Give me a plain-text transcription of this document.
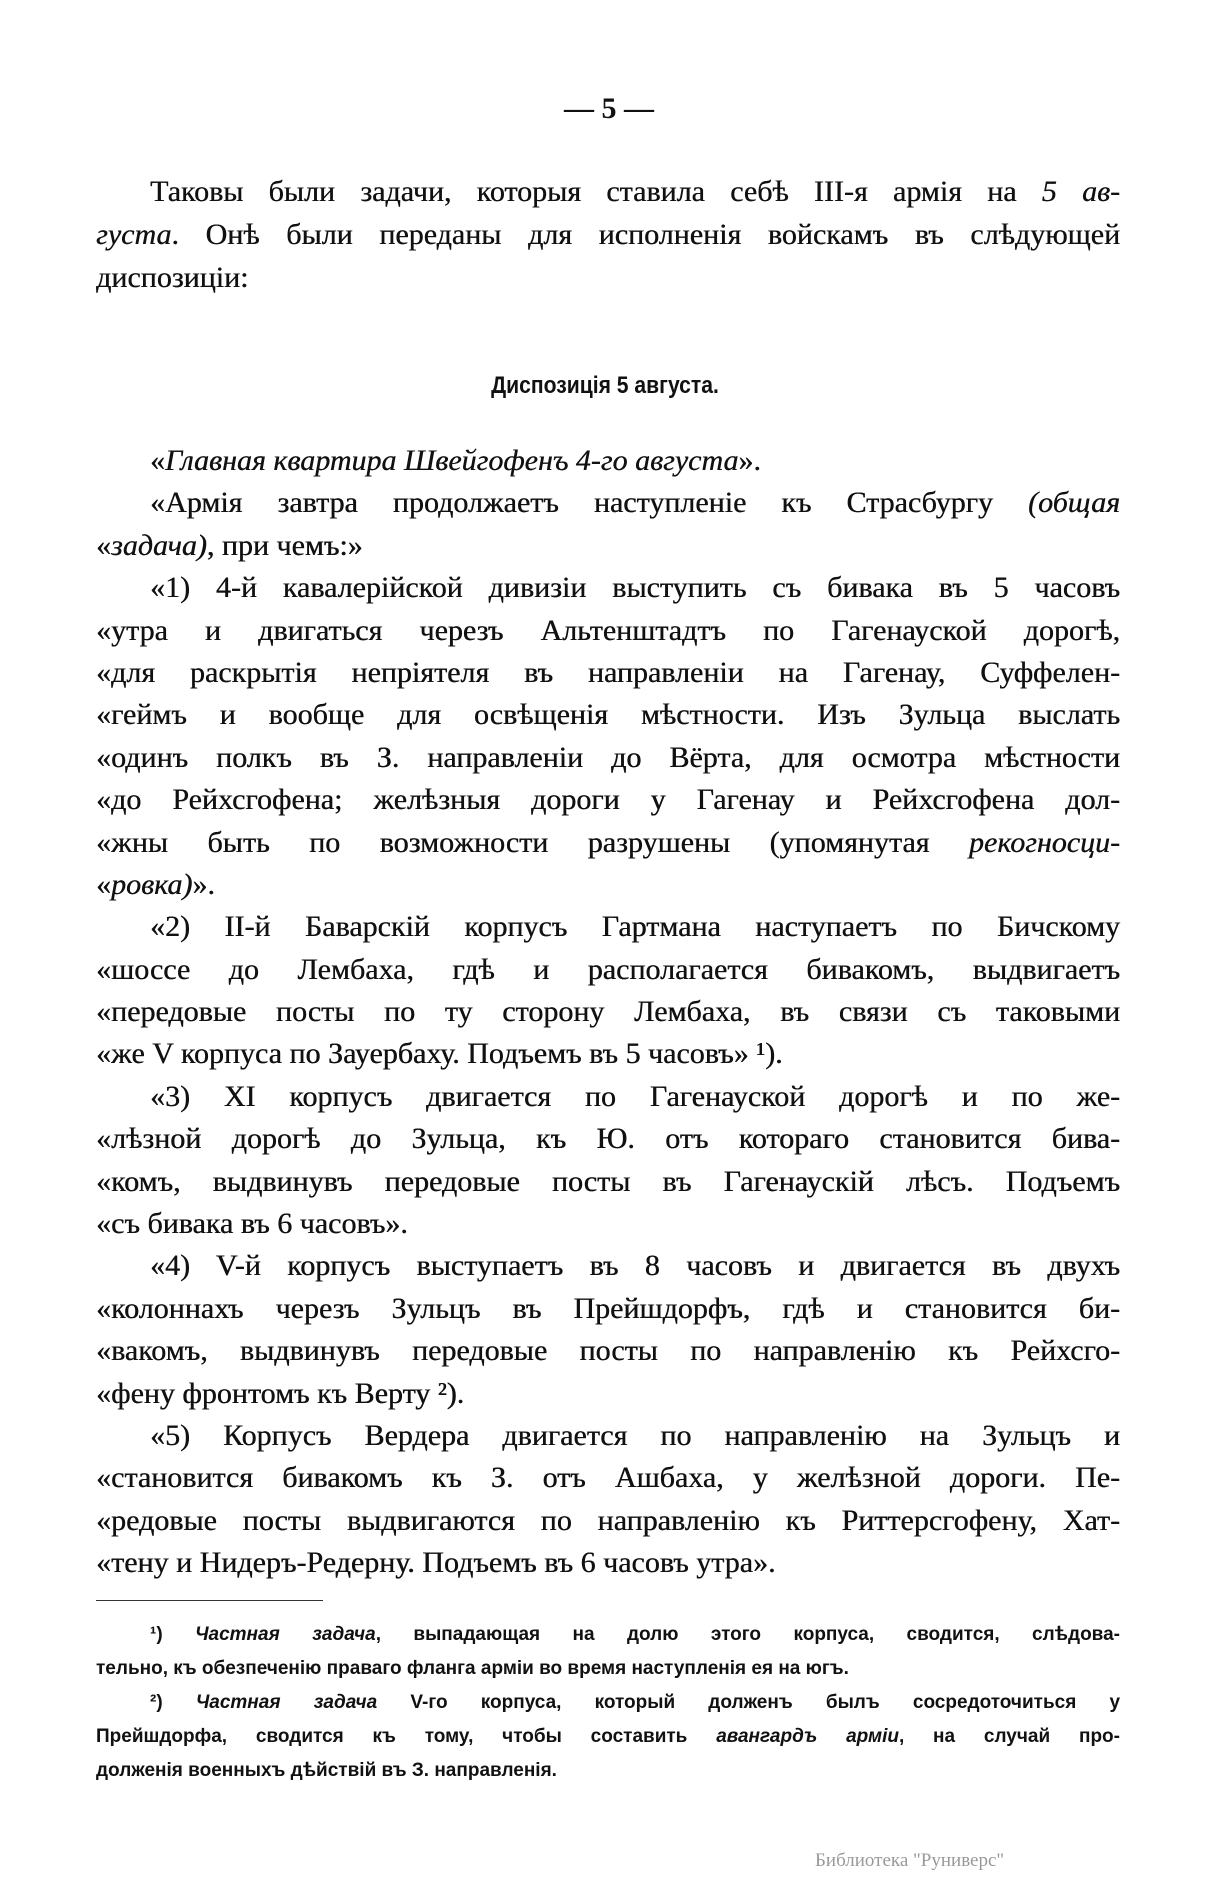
— 5 —
Таковы были задачи, которыя ставила себѣ III-я армія на 5 ав-
густа. Онѣ были переданы для исполненія войскамъ въ слѣдующей
диспозиціи:
Диспозиція 5 августа.
«Главная квартира Швейгофенъ 4-го августа».
«Армія завтра продолжаетъ наступленіе къ Страсбургу (общая
«задача), при чемъ:»
«1) 4-й кавалерійской дивизіи выступить съ бивака въ 5 часовъ
«утра и двигаться черезъ Альтенштадтъ по Гагенауской дорогѣ,
«для раскрытія непріятеля въ направленіи на Гагенау, Суффелен-
«геймъ и вообще для освѣщенія мѣстности. Изъ Зульца выслать
«одинъ полкъ въ З. направленіи до Вёрта, для осмотра мѣстности
«до Рейхсгофена; желѣзныя дороги у Гагенау и Рейхсгофена дол-
«жны быть по возможности разрушены (упомянутая рекогносци-
«ровка)».
«2) II-й Баварскій корпусъ Гартмана наступаетъ по Бичскому
«шоссе до Лембаха, гдѣ и располагается бивакомъ, выдвигаетъ
«передовые посты по ту сторону Лембаха, въ связи съ таковыми
«же V корпуса по Зауербаху. Подъемъ въ 5 часовъ» ¹).
«3) XI корпусъ двигается по Гагенауской дорогѣ и по же-
«лѣзной дорогѣ до Зульца, къ Ю. отъ котораго становится бива-
«комъ, выдвинувъ передовые посты въ Гагенаускій лѣсъ. Подъемъ
«съ бивака въ 6 часовъ».
«4) V-й корпусъ выступаетъ въ 8 часовъ и двигается въ двухъ
«колоннахъ черезъ Зульцъ въ Прейшдорфъ, гдѣ и становится би-
«вакомъ, выдвинувъ передовые посты по направленію къ Рейхсго-
«фену фронтомъ къ Верту ²).
«5) Корпусъ Вердера двигается по направленію на Зульцъ и
«становится бивакомъ къ З. отъ Ашбаха, у желѣзной дороги. Пе-
«редовые посты выдвигаются по направленію къ Риттерсгофену, Хат-
«тену и Нидеръ-Редерну. Подъемъ въ 6 часовъ утра».
¹) Частная задача, выпадающая на долю этого корпуса, сводится, слѣдова-
тельно, къ обезпеченію праваго фланга арміи во время наступленія ея на югъ.
²) Частная задача V-го корпуса, который долженъ былъ сосредоточиться у
Прейшдорфа, сводится къ тому, чтобы составить авангардъ арміи, на случай про-
долженія военныхъ дѣйствій въ З. направленія.
Библиотека "Руниверс"
